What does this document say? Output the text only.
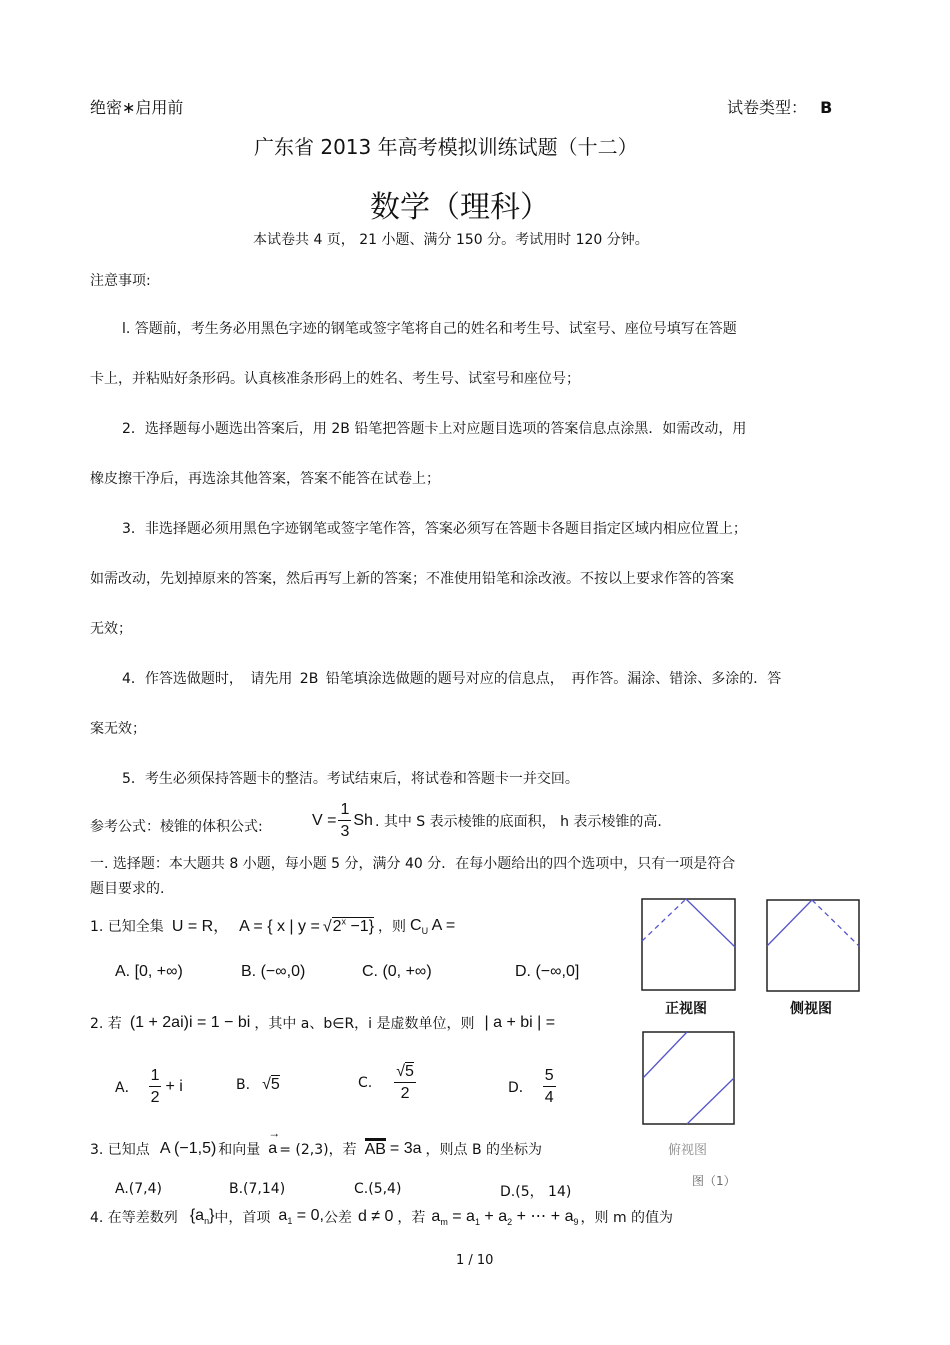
绝密∗启用前	试卷类型： B
广东省 2013 年高考模拟训练试题（十二）
数学（理科）
本试卷共 4 页， 21 小题、满分 150 分。考试用时 120 分钟。
注意事项:
l. 答题前，考生务必用黑色字迹的钢笔或签字笔将自己的姓名和考生号、试室号、座位号填写在答题
卡上，并粘贴好条形码。认真核准条形码上的姓名、考生号、试室号和座位号；
2．选择题每小题选出答案后，用 2B 铅笔把答题卡上对应题目选项的答案信息点涂黑．如需改动，用
橡皮擦干净后，再选涂其他答案，答案不能答在试卷上；
3．非选择题必须用黑色字迹钢笔或签字笔作答，答案必须写在答题卡各题目指定区域内相应位置上；
如需改动，先划掉原来的答案，然后再写上新的答案；不准使用铅笔和涂改液。不按以上要求作答的答案
无效；
4．作答选做题时， 请先用 2B 铅笔填涂选做题的题号对应的信息点， 再作答。漏涂、错涂、多涂的．答
案无效；
5．考生必须保持答题卡的整洁。考试结束后，将试卷和答题卡一并交回。
参考公式：棱锥的体积公式:	$V = \frac{1}{3}$ Sh . 其中 S 表示棱锥的底面积， h 表示棱锥的高.
一. 选择题：本大题共 8 小题，每小题 5 分，满分 40 分．在每小题给出的四个选项中，只有一项是符合
题目要求的.
1. 已知全集 U = R， A = { x | $y = √2^x -1$} ，则 $C_U$ A =
A. [0, +∞)	B. (−∞,0)	C. (0, +∞)	D. (−∞,0]
2. 若 (1 + 2ai)i = 1 − bi ，其中 a、b∈R，i 是虚数单位，则 | a + bi | =
A． $\frac{1}{2} + i$	B. √5	C. $\frac{√5}{2}$	D． $\frac{5}{4}$
3. 已知点 A (−1,5) 和向量
→
a = (2,3)，若 AB = 3a ，则点 B 的坐标为
A.(7,4)	B.(7,14)	C.(5,4)	D.(5， 14)
4. 在等差数列 $\{a_n\}$ 中，首项 $a_1 = 0$, 公差 d ≠ 0 ，若 $a_m = a_1 + a_2$ + ⋯ + $a_9$ ，则 m 的值为
正视图	侧视图
俯视图
图（1）
1 / 10
